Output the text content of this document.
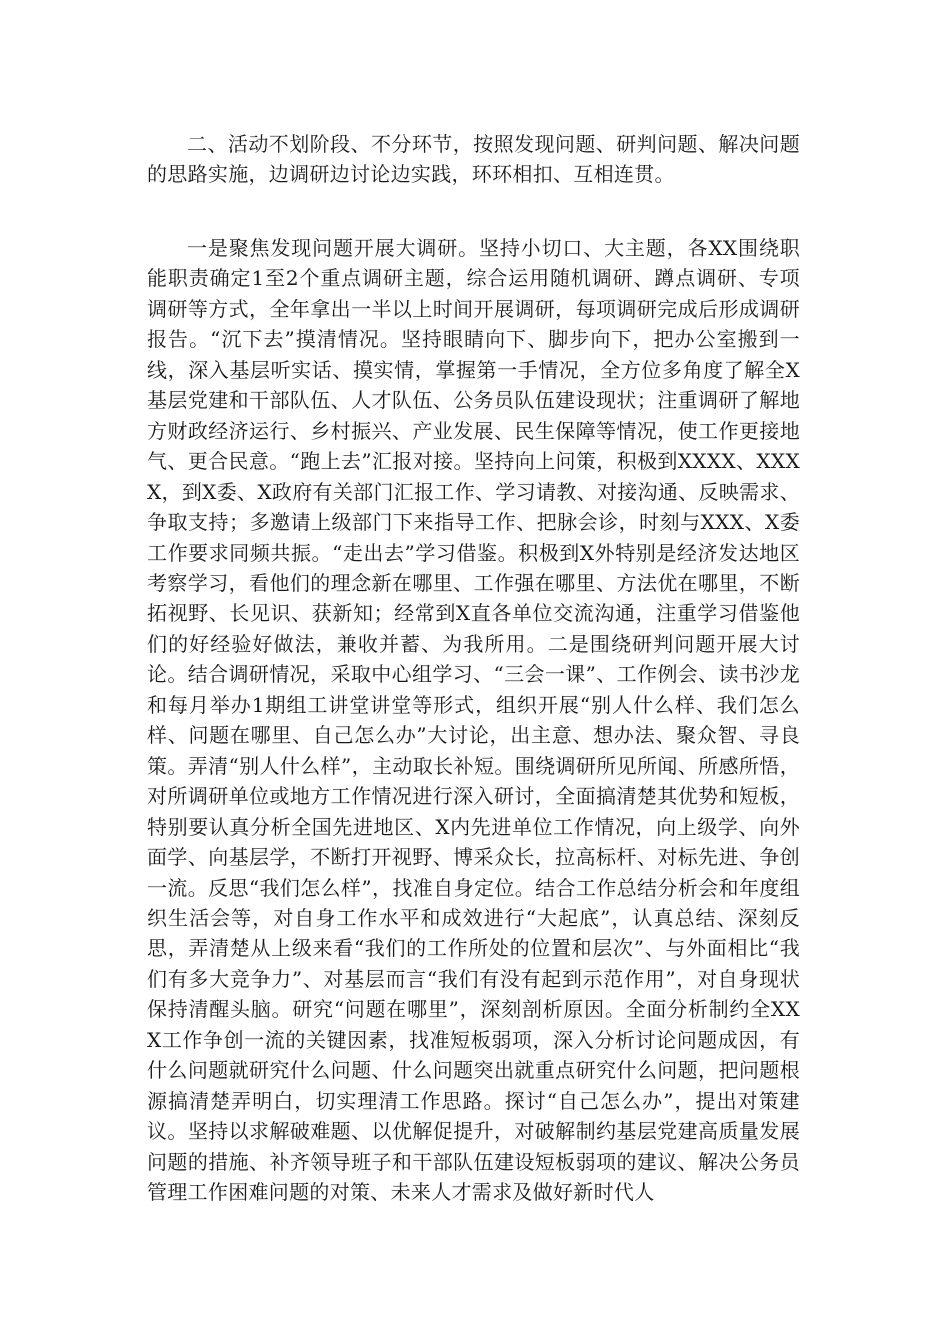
二、活动不划阶段、不分环节，按照发现问题、研判问题、解决问题的思路实施，边调研边讨论边实践，环环相扣、互相连贯。

一是聚焦发现问题开展大调研。坚持小切口、大主题，各XX围绕职能职责确定1至2个重点调研主题，综合运用随机调研、蹲点调研、专项调研等方式，全年拿出一半以上时间开展调研，每项调研完成后形成调研报告。“沉下去”摸清情况。坚持眼睛向下、脚步向下，把办公室搬到一线，深入基层听实话、摸实情，掌握第一手情况，全方位多角度了解全X基层党建和干部队伍、人才队伍、公务员队伍建设现状；注重调研了解地方财政经济运行、乡村振兴、产业发展、民生保障等情况，使工作更接地气、更合民意。“跑上去”汇报对接。坚持向上问策，积极到XXXX、XXXX，到X委、X政府有关部门汇报工作、学习请教、对接沟通、反映需求、争取支持；多邀请上级部门下来指导工作、把脉会诊，时刻与XXX、X委工作要求同频共振。“走出去”学习借鉴。积极到X外特别是经济发达地区考察学习，看他们的理念新在哪里、工作强在哪里、方法优在哪里，不断拓视野、长见识、获新知；经常到X直各单位交流沟通，注重学习借鉴他们的好经验好做法，兼收并蓄、为我所用。二是围绕研判问题开展大讨论。结合调研情况，采取中心组学习、“三会一课”、工作例会、读书沙龙和每月举办1期组工讲堂讲堂等形式，组织开展“别人什么样、我们怎么样、问题在哪里、自己怎么办”大讨论，出主意、想办法、聚众智、寻良策。弄清“别人什么样”，主动取长补短。围绕调研所见所闻、所感所悟，对所调研单位或地方工作情况进行深入研讨，全面搞清楚其优势和短板，特别要认真分析全国先进地区、X内先进单位工作情况，向上级学、向外面学、向基层学，不断打开视野、博采众长，拉高标杆、对标先进、争创一流。反思“我们怎么样”，找准自身定位。结合工作总结分析会和年度组织生活会等，对自身工作水平和成效进行“大起底”，认真总结、深刻反思，弄清楚从上级来看“我们的工作所处的位置和层次”、与外面相比“我们有多大竞争力”、对基层而言“我们有没有起到示范作用”，对自身现状保持清醒头脑。研究“问题在哪里”，深刻剖析原因。全面分析制约全XXX工作争创一流的关键因素，找准短板弱项，深入分析讨论问题成因，有什么问题就研究什么问题、什么问题突出就重点研究什么问题，把问题根源搞清楚弄明白，切实理清工作思路。探讨“自己怎么办”，提出对策建议。坚持以求解破难题、以优解促提升，对破解制约基层党建高质量发展问题的措施、补齐领导班子和干部队伍建设短板弱项的建议、解决公务员管理工作困难问题的对策、未来人才需求及做好新时代人
